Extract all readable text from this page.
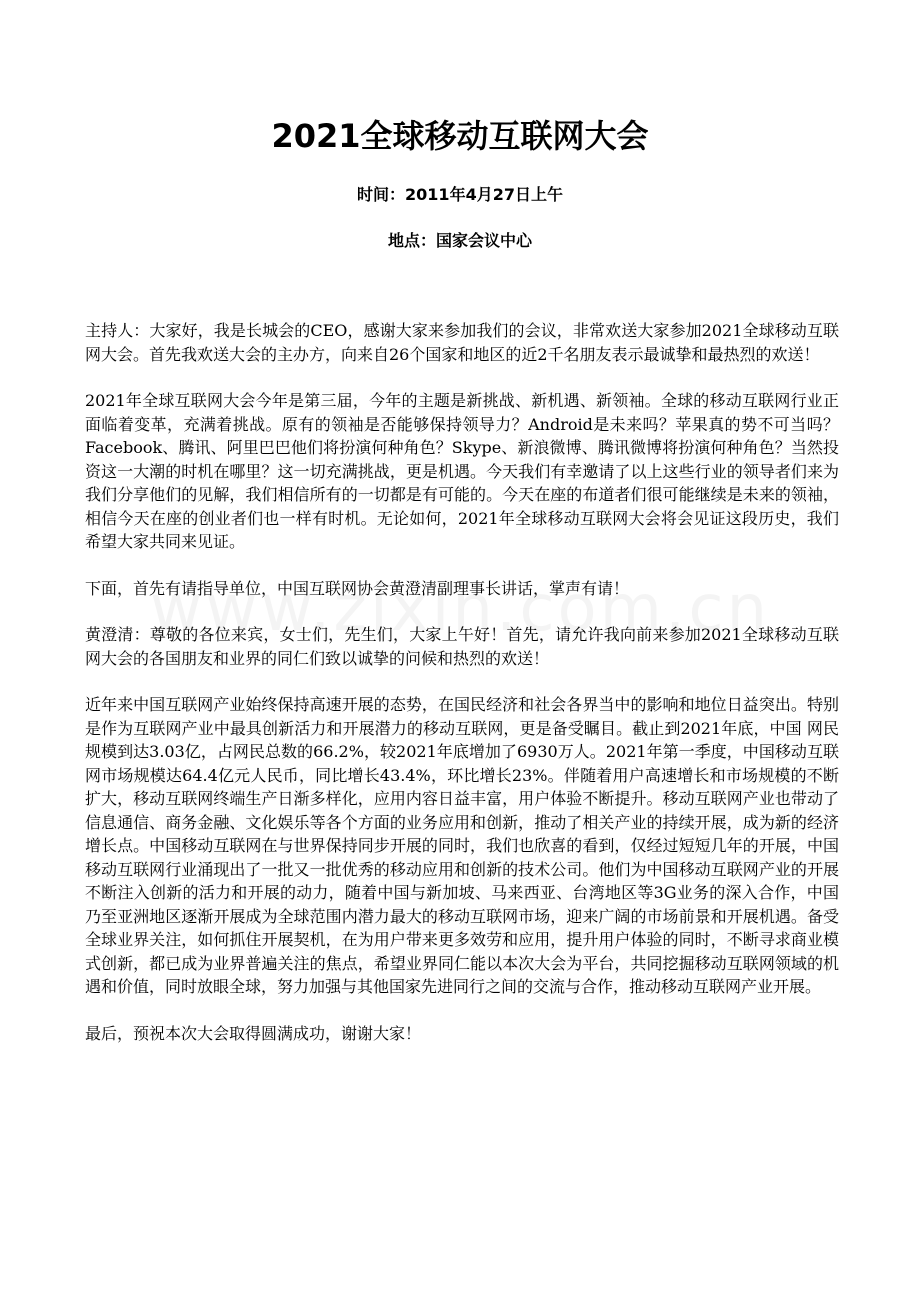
2021全球移动互联网大会

时间：2011年4月27日上午

地点：国家会议中心

主持人：大家好，我是长城会的CEO，感谢大家来参加我们的会议，非常欢送大家参加2021全球移动互联网大会。首先我欢送大会的主办方，向来自26个国家和地区的近2千名朋友表示最诚挚和最热烈的欢送！

2021年全球互联网大会今年是第三届，今年的主题是新挑战、新机遇、新领袖。全球的移动互联网行业正面临着变革，充满着挑战。原有的领袖是否能够保持领导力？Android是未来吗？苹果真的势不可当吗？Facebook、腾讯、阿里巴巴他们将扮演何种角色？Skype、新浪微博、腾讯微博将扮演何种角色？当然投资这一大潮的时机在哪里？这一切充满挑战，更是机遇。今天我们有幸邀请了以上这些行业的领导者们来为我们分享他们的见解，我们相信所有的一切都是有可能的。今天在座的布道者们很可能继续是未来的领袖，相信今天在座的创业者们也一样有时机。无论如何，2021年全球移动互联网大会将会见证这段历史，我们希望大家共同来见证。

下面，首先有请指导单位，中国互联网协会黄澄清副理事长讲话，掌声有请！

黄澄清：尊敬的各位来宾，女士们，先生们，大家上午好！首先，请允许我向前来参加2021全球移动互联网大会的各国朋友和业界的同仁们致以诚挚的问候和热烈的欢送！

近年来中国互联网产业始终保持高速开展的态势，在国民经济和社会各界当中的影响和地位日益突出。特别是作为互联网产业中最具创新活力和开展潜力的移动互联网，更是备受瞩目。截止到2021年底，中国 网民规模到达3.03亿，占网民总数的66.2%，较2021年底增加了6930万人。2021年第一季度，中国移动互联网市场规模达64.4亿元人民币，同比增长43.4%，环比增长23%。伴随着用户高速增长和市场规模的不断扩大，移动互联网终端生产日渐多样化，应用内容日益丰富，用户体验不断提升。移动互联网产业也带动了信息通信、商务金融、文化娱乐等各个方面的业务应用和创新，推动了相关产业的持续开展，成为新的经济增长点。中国移动互联网在与世界保持同步开展的同时，我们也欣喜的看到，仅经过短短几年的开展，中国移动互联网行业涌现出了一批又一批优秀的移动应用和创新的技术公司。他们为中国移动互联网产业的开展不断注入创新的活力和开展的动力，随着中国与新加坡、马来西亚、台湾地区等3G业务的深入合作，中国乃至亚洲地区逐渐开展成为全球范围内潜力最大的移动互联网市场，迎来广阔的市场前景和开展机遇。备受全球业界关注，如何抓住开展契机，在为用户带来更多效劳和应用，提升用户体验的同时，不断寻求商业模式创新，都已成为业界普遍关注的焦点，希望业界同仁能以本次大会为平台，共同挖掘移动互联网领域的机遇和价值，同时放眼全球，努力加强与其他国家先进同行之间的交流与合作，推动移动互联网产业开展。

最后，预祝本次大会取得圆满成功，谢谢大家！
